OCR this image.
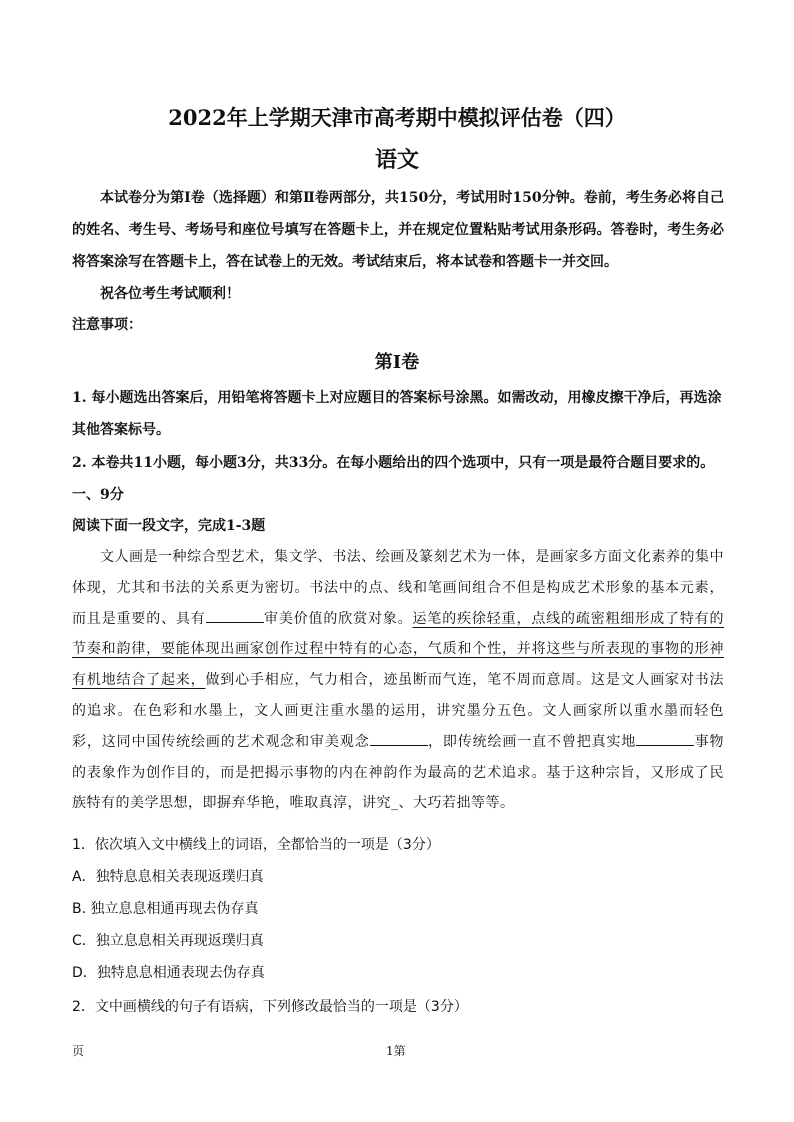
2022年上学期天津市高考期中模拟评估卷（四）
语文
本试卷分为第Ⅰ卷（选择题）和第Ⅱ卷两部分，共150分，考试用时150分钟。卷前，考生务必将自己的姓名、考生号、考场号和座位号填写在答题卡上，并在规定位置粘贴考试用条形码。答卷时，考生务必将答案涂写在答题卡上，答在试卷上的无效。考试结束后，将本试卷和答题卡一并交回。
祝各位考生考试顺利！
注意事项：
第Ⅰ卷
1. 每小题选出答案后，用铅笔将答题卡上对应题目的答案标号涂黑。如需改动，用橡皮擦干净后，再选涂
其他答案标号。
2. 本卷共11小题，每小题3分，共33分。在每小题给出的四个选项中，只有一项是最符合题目要求的。
一、9分
阅读下面一段文字，完成1-3题
文人画是一种综合型艺术，集文学、书法、绘画及篆刻艺术为一体，是画家多方面文化素养的集中体现，尤其和书法的关系更为密切。书法中的点、线和笔画间组合不但是构成艺术形象的基本元素，而且是重要的、具有	审美价值的欣赏对象。运笔的疾徐轻重，点线的疏密粗细形成了特有的节奏和韵律，要能体现出画家创作过程中特有的心态，气质和个性，并将这些与所表现的事物的形神有机地结合了起来，做到心手相应，气力相合，迹虽断而气连，笔不周而意周。这是文人画家对书法的追求。在色彩和水墨上，文人画更注重水墨的运用，讲究墨分五色。文人画家所以重水墨而轻色彩，这同中国传统绘画的艺术观念和审美观念	，即传统绘画一直不曾把真实地	事物的表象作为创作目的，而是把揭示事物的内在神韵作为最高的艺术追求。基于这种宗旨，又形成了民族特有的美学思想，即摒弃华艳，唯取真淳，讲究_、大巧若拙等等。
1．依次填入文中横线上的词语，全都恰当的一项是（3分）
A．独特息息相关表现返璞归真
B. 独立息息相通再现去伪存真
C．独立息息相关再现返璞归真
D．独特息息相通表现去伪存真
2．文中画横线的句子有语病，下列修改最恰当的一项是（3分）
页	1第
